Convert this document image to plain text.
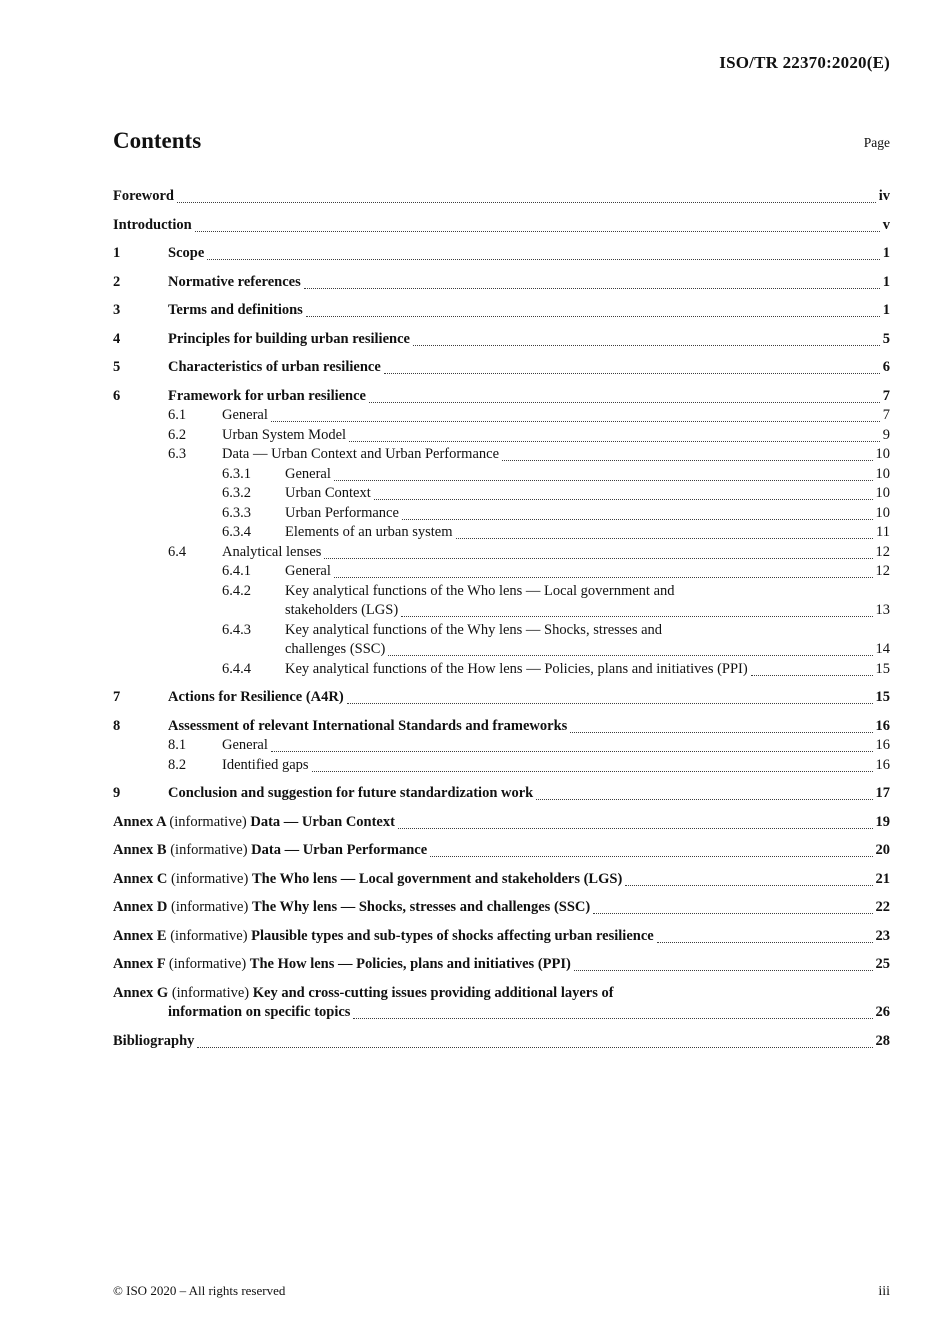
ISO/TR 22370:2020(E)
Contents	Page
Foreword	iv
Introduction	v
1	Scope	1
2	Normative references	1
3	Terms and definitions	1
4	Principles for building urban resilience	5
5	Characteristics of urban resilience	6
6	Framework for urban resilience	7
6.1	General	7
6.2	Urban System Model	9
6.3	Data — Urban Context and Urban Performance	10
6.3.1	General	10
6.3.2	Urban Context	10
6.3.3	Urban Performance	10
6.3.4	Elements of an urban system	11
6.4	Analytical lenses	12
6.4.1	General	12
6.4.2	Key analytical functions of the Who lens — Local government and
stakeholders (LGS)	13
6.4.3	Key analytical functions of the Why lens — Shocks, stresses and
challenges (SSC)	14
6.4.4	Key analytical functions of the How lens — Policies, plans and initiatives (PPI)	15
7	Actions for Resilience (A4R)	15
8	Assessment of relevant International Standards and frameworks	16
8.1	General	16
8.2	Identified gaps	16
9	Conclusion and suggestion for future standardization work	17
Annex A (informative) Data — Urban Context	19
Annex B (informative) Data — Urban Performance	20
Annex C (informative) The Who lens — Local government and stakeholders (LGS)	21
Annex D (informative) The Why lens — Shocks, stresses and challenges (SSC)	22
Annex E (informative) Plausible types and sub-types of shocks affecting urban resilience	23
Annex F (informative) The How lens — Policies, plans and initiatives (PPI)	25
Annex G (informative) Key and cross-cutting issues providing additional layers of
information on specific topics	26
Bibliography	28
© ISO 2020 – All rights reserved	iii
